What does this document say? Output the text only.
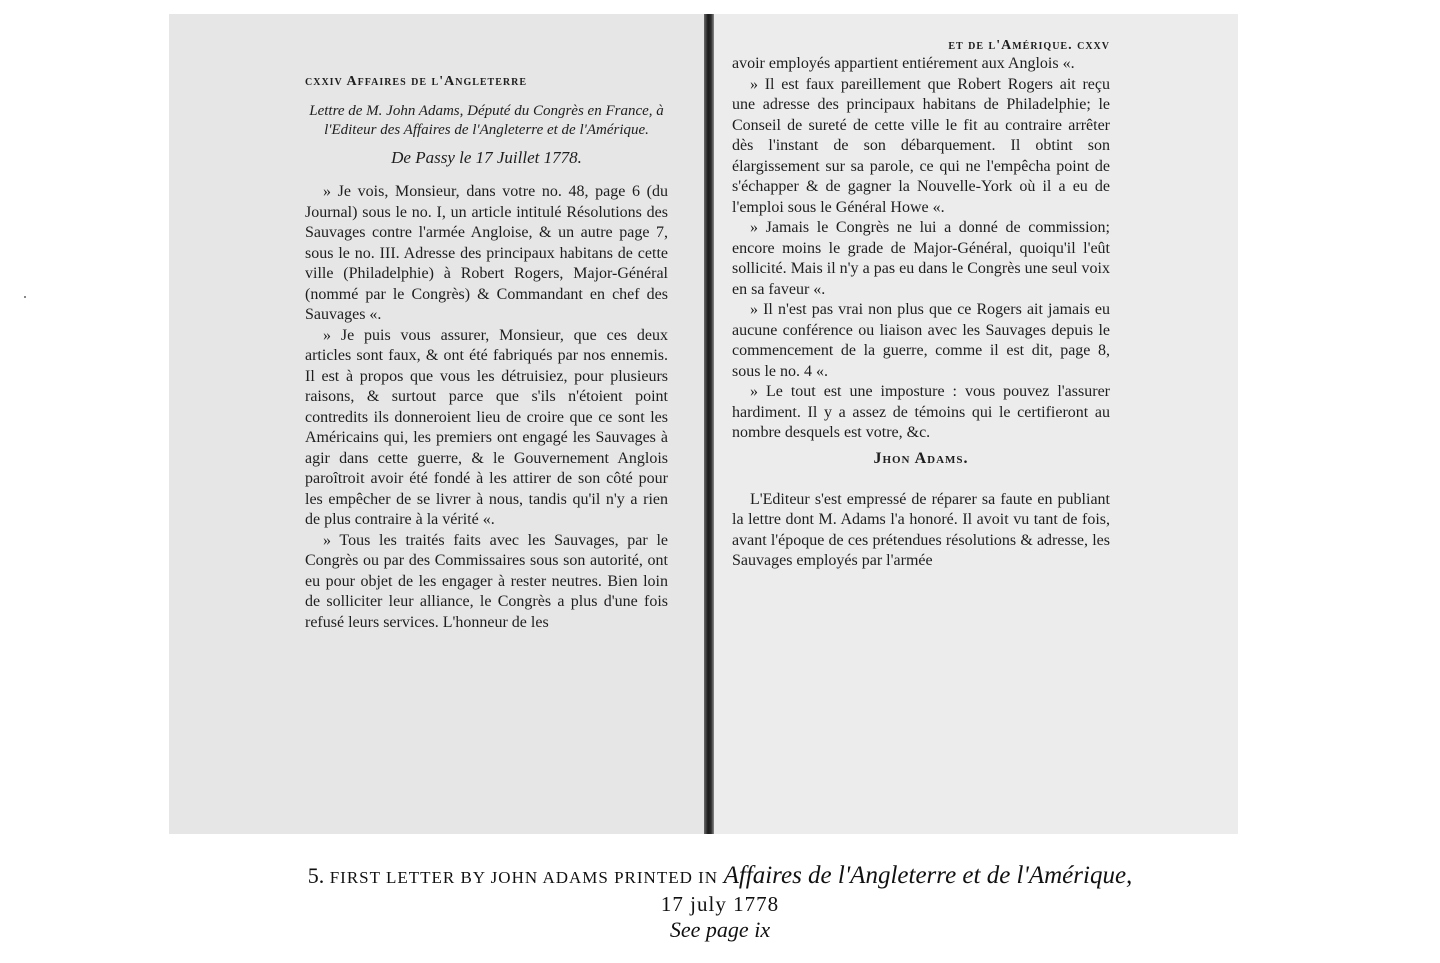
cxxiv Affaires de l'Angleterre
Lettre de M. John Adams, Député du Congrès en France, à l'Editeur des Affaires de l'Angleterre et de l'Amérique.
De Passy le 17 Juillet 1778.

» Je vois, Monsieur, dans votre no. 48, page 6 (du Journal) sous le no. I, un article intitulé Résolutions des Sauvages contre l'armée Angloise, & un autre page 7, sous le no. III. Adresse des principaux habitans de cette ville (Philadelphie) à Robert Rogers, Major-Général (nommé par le Congrès) & Commandant en chef des Sauvages «.

» Je puis vous assurer, Monsieur, que ces deux articles sont faux, & ont été fabriqués par nos ennemis. Il est à propos que vous les détruisiez, pour plusieurs raisons, & surtout parce que s'ils n'étoient point contredits ils donneroient lieu de croire que ce sont les Américains qui, les premiers ont engagé les Sauvages à agir dans cette guerre, & le Gouvernement Anglois paroîtroit avoir été fondé à les attirer de son côté pour les empêcher de se livrer à nous, tandis qu'il n'y a rien de plus contraire à la vérité «.

» Tous les traités faits avec les Sauvages, par le Congrès ou par des Commissaires sous son autorité, ont eu pour objet de les engager à rester neutres. Bien loin de solliciter leur alliance, le Congrès a plus d'une fois refusé leurs services. L'honneur de les

et de l'Amérique. cxxv

avoir employés appartient entiérement aux Anglois «.

» Il est faux pareillement que Robert Rogers ait reçu une adresse des principaux habitans de Philadelphie; le Conseil de sureté de cette ville le fit au contraire arrêter dès l'instant de son débarquement. Il obtint son élargissement sur sa parole, ce qui ne l'empêcha point de s'échapper & de gagner la Nouvelle-York où il a eu de l'emploi sous le Général Howe «.

» Jamais le Congrès ne lui a donné de commission; encore moins le grade de Major-Général, quoiqu'il l'eût sollicité. Mais il n'y a pas eu dans le Congrès une seul voix en sa faveur «.

» Il n'est pas vrai non plus que ce Rogers ait jamais eu aucune conférence ou liaison avec les Sauvages depuis le commencement de la guerre, comme il est dit, page 8, sous le no. 4 «.

» Le tout est une imposture : vous pouvez l'assurer hardiment. Il y a assez de témoins qui le certifieront au nombre desquels est votre, &c.

Jhon Adams.

L'Editeur s'est empressé de réparer sa faute en publiant la lettre dont M. Adams l'a honoré. Il avoit vu tant de fois, avant l'époque de ces prétendues résolutions & adresse, les Sauvages employés par l'armée

5. FIRST LETTER BY JOHN ADAMS PRINTED IN Affaires de l'Angleterre et de l'Amérique,
17 july 1778
See page ix
